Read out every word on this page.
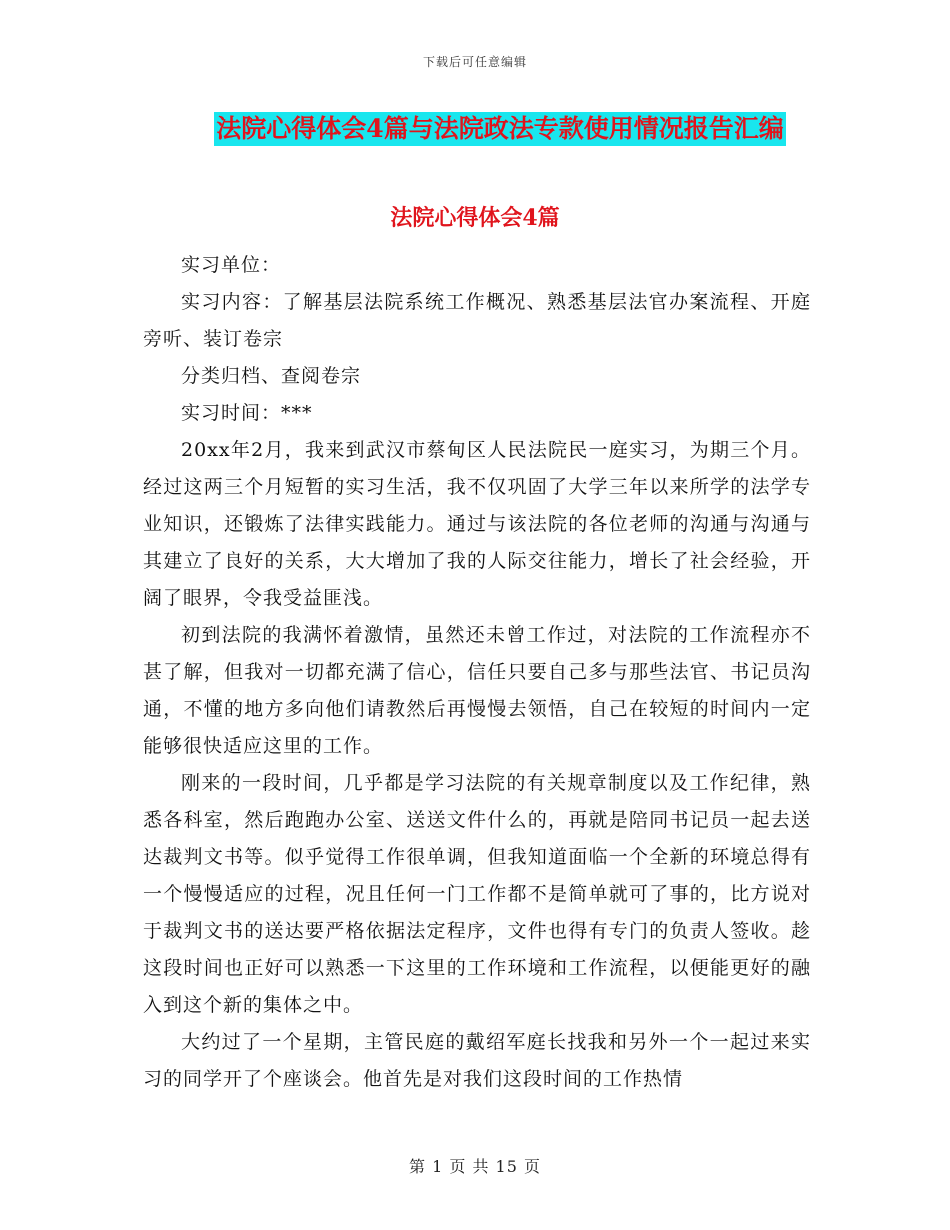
下载后可任意编辑
法院心得体会4篇与法院政法专款使用情况报告汇编
法院心得体会4篇

实习单位：

实习内容：了解基层法院系统工作概况、熟悉基层法官办案流程、开庭旁听、装订卷宗

分类归档、查阅卷宗

实习时间：***

20xx年2月，我来到武汉市蔡甸区人民法院民一庭实习，为期三个月。经过这两三个月短暂的实习生活，我不仅巩固了大学三年以来所学的法学专业知识，还锻炼了法律实践能力。通过与该法院的各位老师的沟通与沟通与其建立了良好的关系，大大增加了我的人际交往能力，增长了社会经验，开阔了眼界，令我受益匪浅。

初到法院的我满怀着激情，虽然还未曾工作过，对法院的工作流程亦不甚了解，但我对一切都充满了信心，信任只要自己多与那些法官、书记员沟通，不懂的地方多向他们请教然后再慢慢去领悟，自己在较短的时间内一定能够很快适应这里的工作。

刚来的一段时间，几乎都是学习法院的有关规章制度以及工作纪律，熟悉各科室，然后跑跑办公室、送送文件什么的，再就是陪同书记员一起去送达裁判文书等。似乎觉得工作很单调，但我知道面临一个全新的环境总得有一个慢慢适应的过程，况且任何一门工作都不是简单就可了事的，比方说对于裁判文书的送达要严格依据法定程序，文件也得有专门的负责人签收。趁这段时间也正好可以熟悉一下这里的工作环境和工作流程，以便能更好的融入到这个新的集体之中。

大约过了一个星期，主管民庭的戴绍军庭长找我和另外一个一起过来实习的同学开了个座谈会。他首先是对我们这段时间的工作热情

第 1 页 共 15 页
